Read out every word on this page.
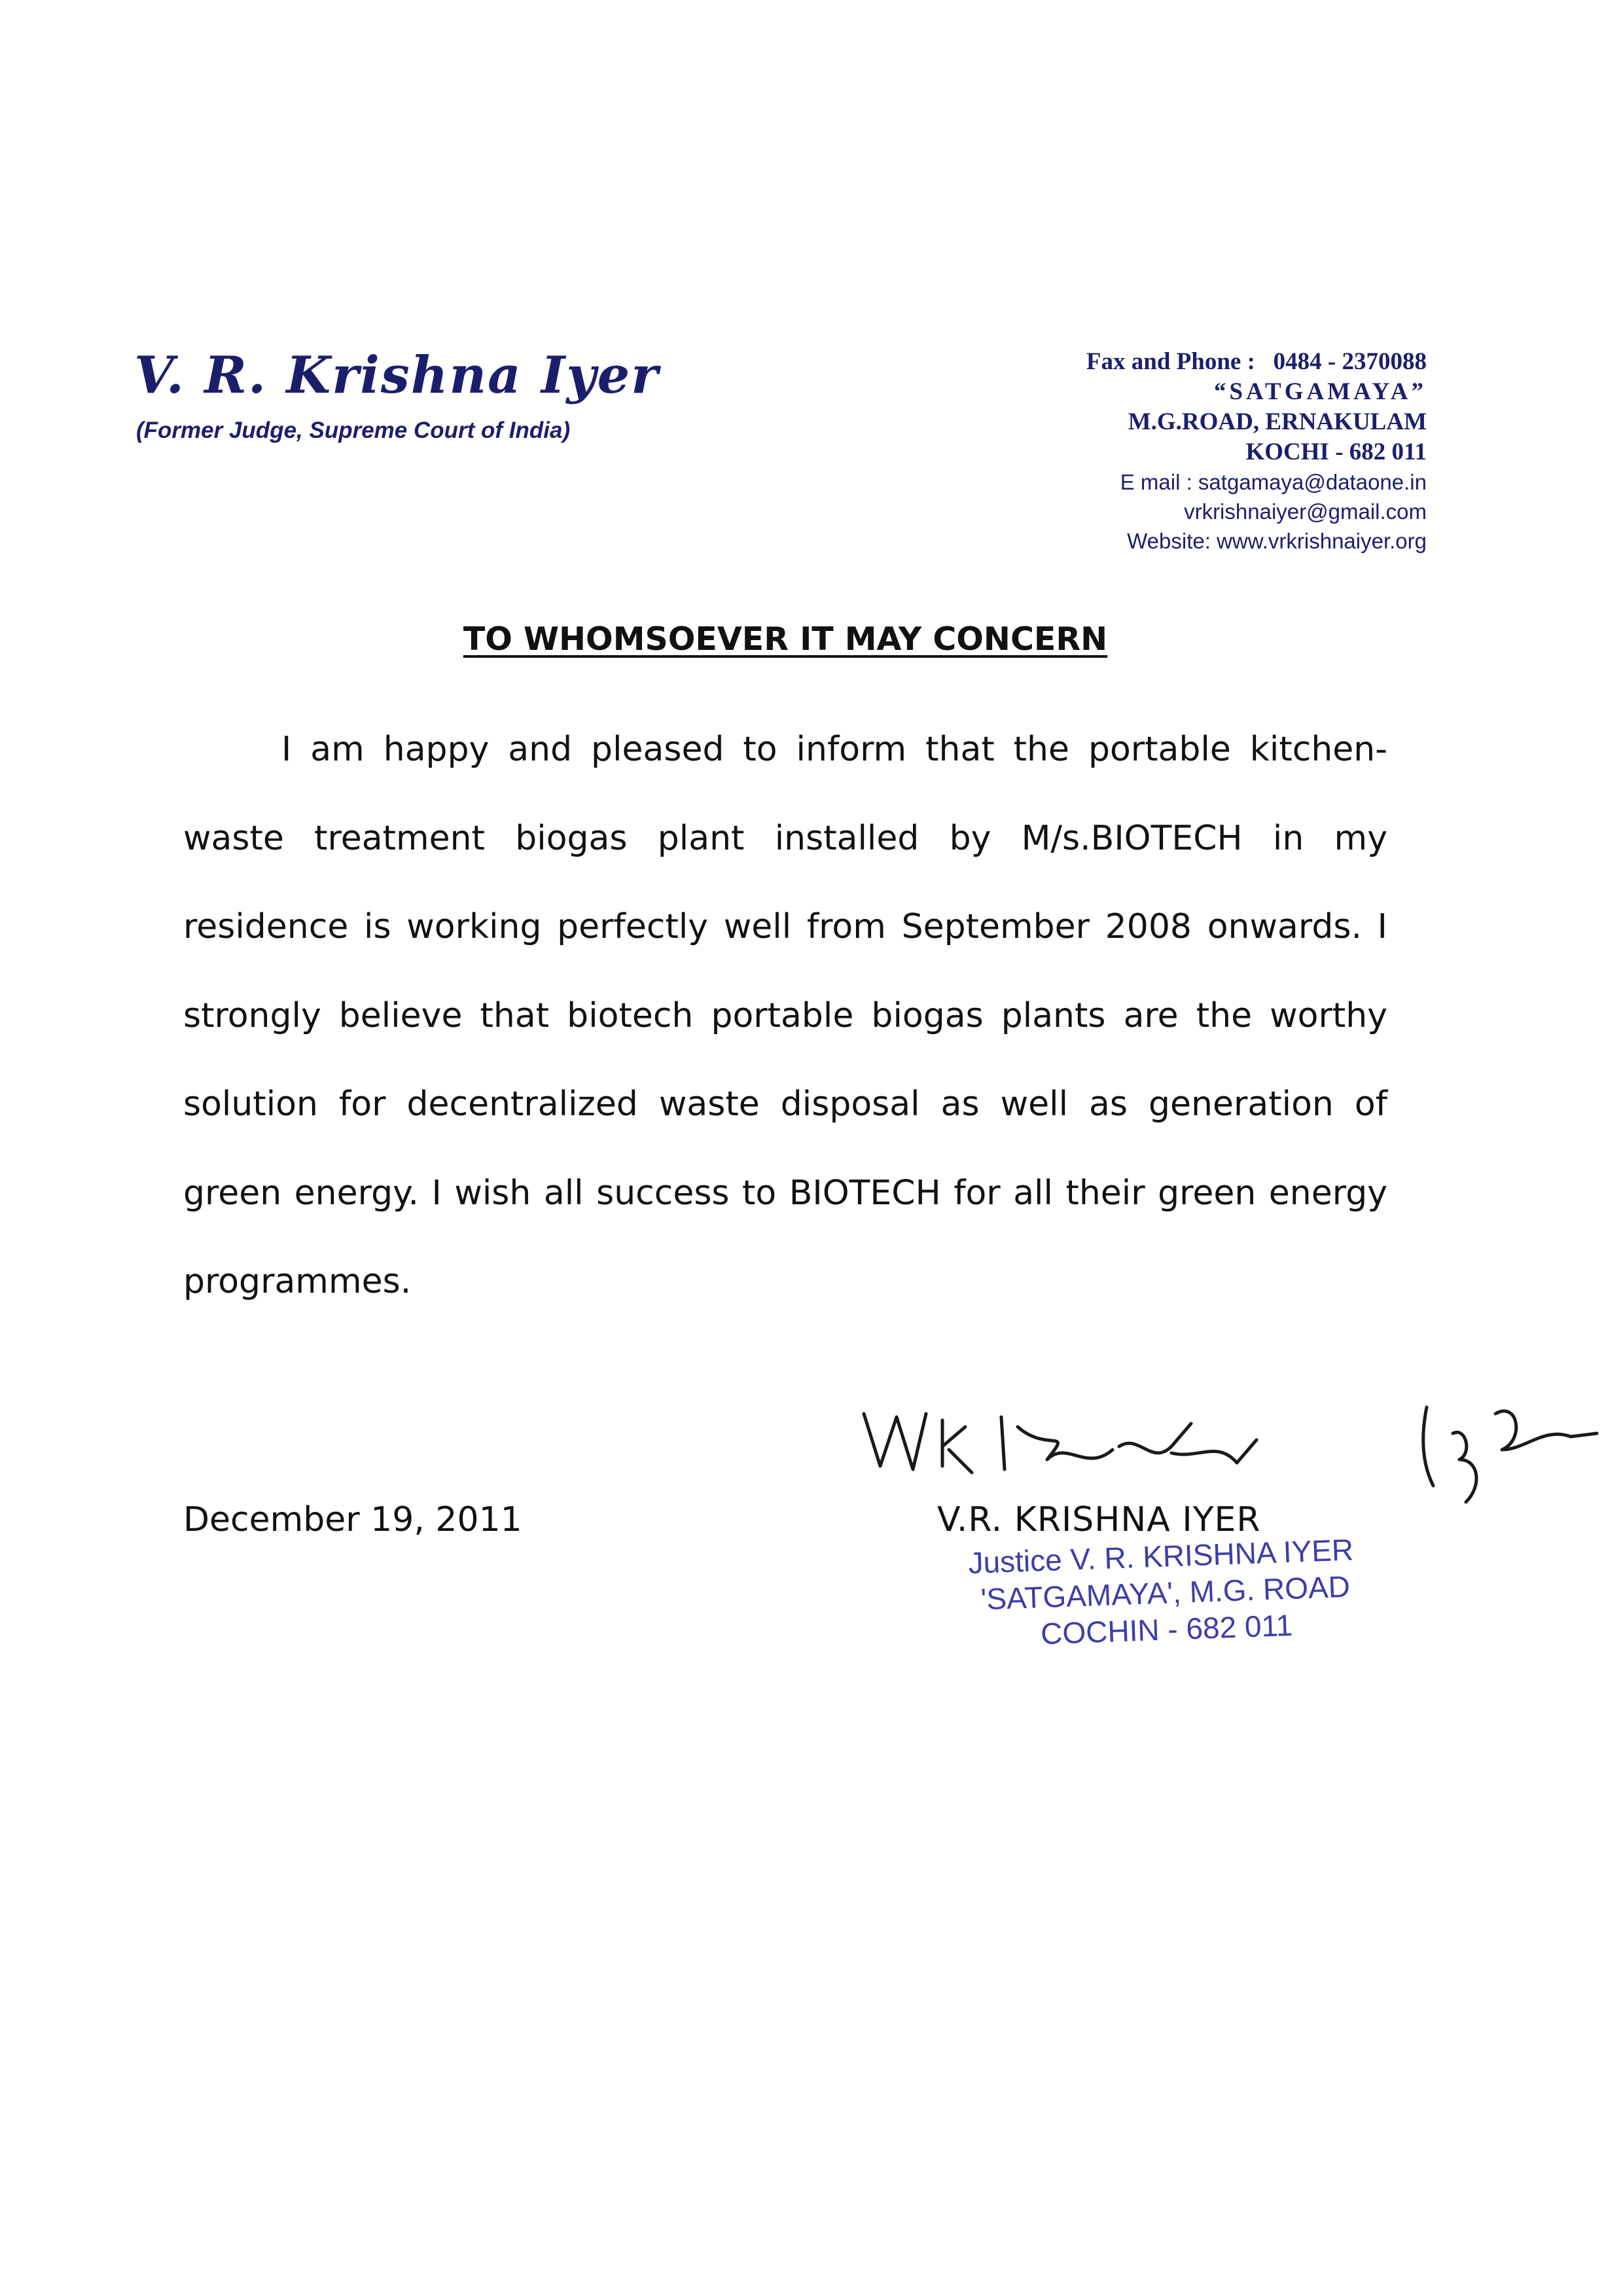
V. R. Krishna Iyer
(Former Judge, Supreme Court of India)
Fax and Phone : 0484 - 2370088
“SATGAMAYA”
M.G.ROAD, ERNAKULAM
KOCHI - 682 011
E mail : satgamaya@dataone.in
vrkrishnaiyer@gmail.com
Website: www.vrkrishnaiyer.org
TO WHOMSOEVER IT MAY CONCERN
I am happy and pleased to inform that the portable kitchen-waste treatment biogas plant installed by M/s.BIOTECH in my residence is working perfectly well from September 2008 onwards. I strongly believe that biotech portable biogas plants are the worthy solution for decentralized waste disposal as well as generation of green energy. I wish all success to BIOTECH for all their green energy programmes.
December 19, 2011	V.R. KRISHNA IYER
Justice V. R. KRISHNA IYER
'SATGAMAYA', M.G. ROAD
COCHIN - 682 011
